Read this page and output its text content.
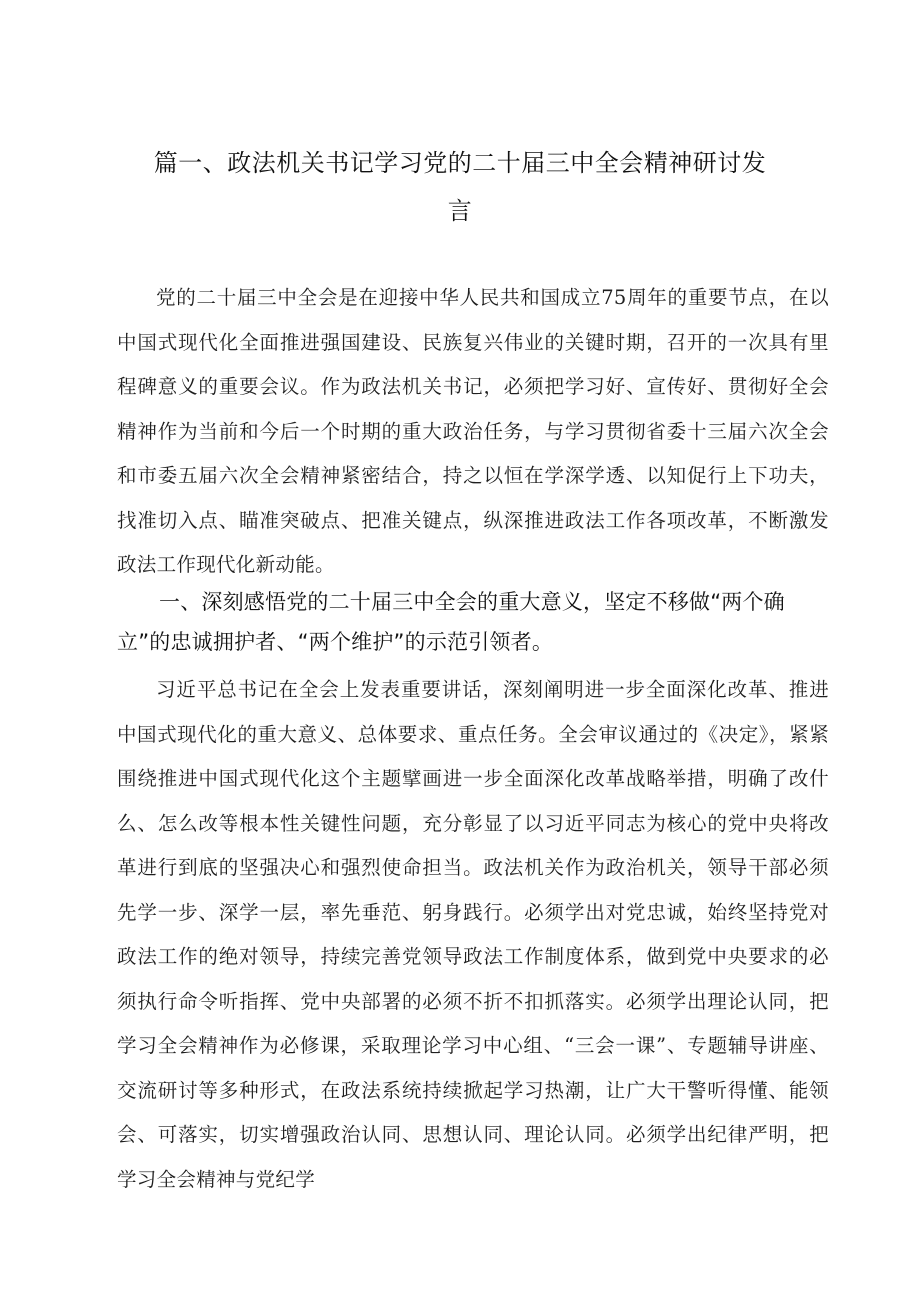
篇一、政法机关书记学习党的二十届三中全会精神研讨发
言

党的二十届三中全会是在迎接中华人民共和国成立75周年的重要节点，在以中国式现代化全面推进强国建设、民族复兴伟业的关键时期，召开的一次具有里程碑意义的重要会议。作为政法机关书记，必须把学习好、宣传好、贯彻好全会精神作为当前和今后一个时期的重大政治任务，与学习贯彻省委十三届六次全会和市委五届六次全会精神紧密结合，持之以恒在学深学透、以知促行上下功夫，找准切入点、瞄准突破点、把准关键点，纵深推进政法工作各项改革，不断激发政法工作现代化新动能。

一、深刻感悟党的二十届三中全会的重大意义，坚定不移做“两个确立”的忠诚拥护者、“两个维护”的示范引领者。

习近平总书记在全会上发表重要讲话，深刻阐明进一步全面深化改革、推进中国式现代化的重大意义、总体要求、重点任务。全会审议通过的《决定》，紧紧围绕推进中国式现代化这个主题擘画进一步全面深化改革战略举措，明确了改什么、怎么改等根本性关键性问题，充分彰显了以习近平同志为核心的党中央将改革进行到底的坚强决心和强烈使命担当。政法机关作为政治机关，领导干部必须先学一步、深学一层，率先垂范、躬身践行。必须学出对党忠诚，始终坚持党对政法工作的绝对领导，持续完善党领导政法工作制度体系，做到党中央要求的必须执行命令听指挥、党中央部署的必须不折不扣抓落实。必须学出理论认同，把学习全会精神作为必修课，采取理论学习中心组、“三会一课”、专题辅导讲座、交流研讨等多种形式，在政法系统持续掀起学习热潮，让广大干警听得懂、能领会、可落实，切实增强政治认同、思想认同、理论认同。必须学出纪律严明，把学习全会精神与党纪学
